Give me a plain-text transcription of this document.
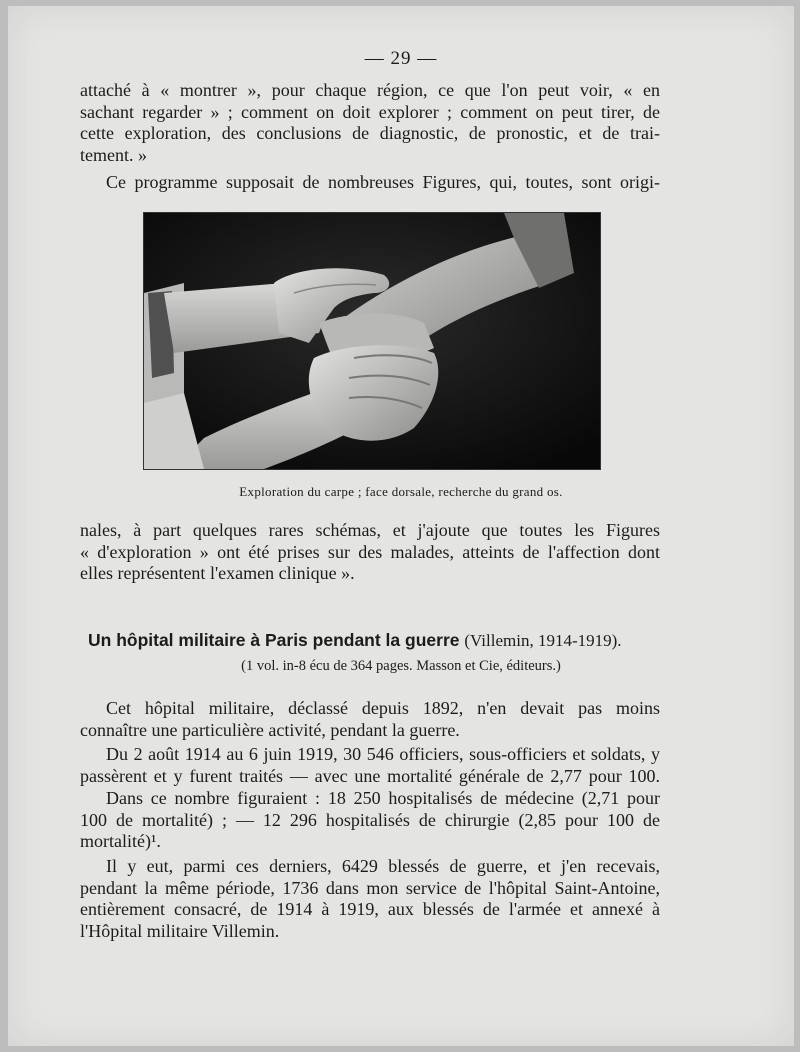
— 29 —
attaché à « montrer », pour chaque région, ce que l'on peut voir, « en
sachant regarder » ; comment on doit explorer ; comment on peut tirer, de
cette exploration, des conclusions de diagnostic, de pronostic, et de trai-
tement. »
Ce programme supposait de nombreuses Figures, qui, toutes, sont origi-
Exploration du carpe ; face dorsale, recherche du grand os.
nales, à part quelques rares schémas, et j'ajoute que toutes les Figures
« d'exploration » ont été prises sur des malades, atteints de l'affection dont
elles représentent l'examen clinique ».
Un hôpital militaire à Paris pendant la guerre (Villemin, 1914-1919).
(1 vol. in-8 écu de 364 pages. Masson et Cie, éditeurs.)
Cet hôpital militaire, déclassé depuis 1892, n'en devait pas moins
connaître une particulière activité, pendant la guerre.
Du 2 août 1914 au 6 juin 1919, 30 546 officiers, sous-officiers et soldats, y
passèrent et y furent traités — avec une mortalité générale de 2,77 pour 100.
Dans ce nombre figuraient : 18 250 hospitalisés de médecine (2,71 pour
100 de mortalité) ; — 12 296 hospitalisés de chirurgie (2,85 pour 100 de
mortalité)¹.
Il y eut, parmi ces derniers, 6429 blessés de guerre, et j'en recevais,
pendant la même période, 1736 dans mon service de l'hôpital Saint-Antoine,
entièrement consacré, de 1914 à 1919, aux blessés de l'armée et annexé à
l'Hôpital militaire Villemin.
